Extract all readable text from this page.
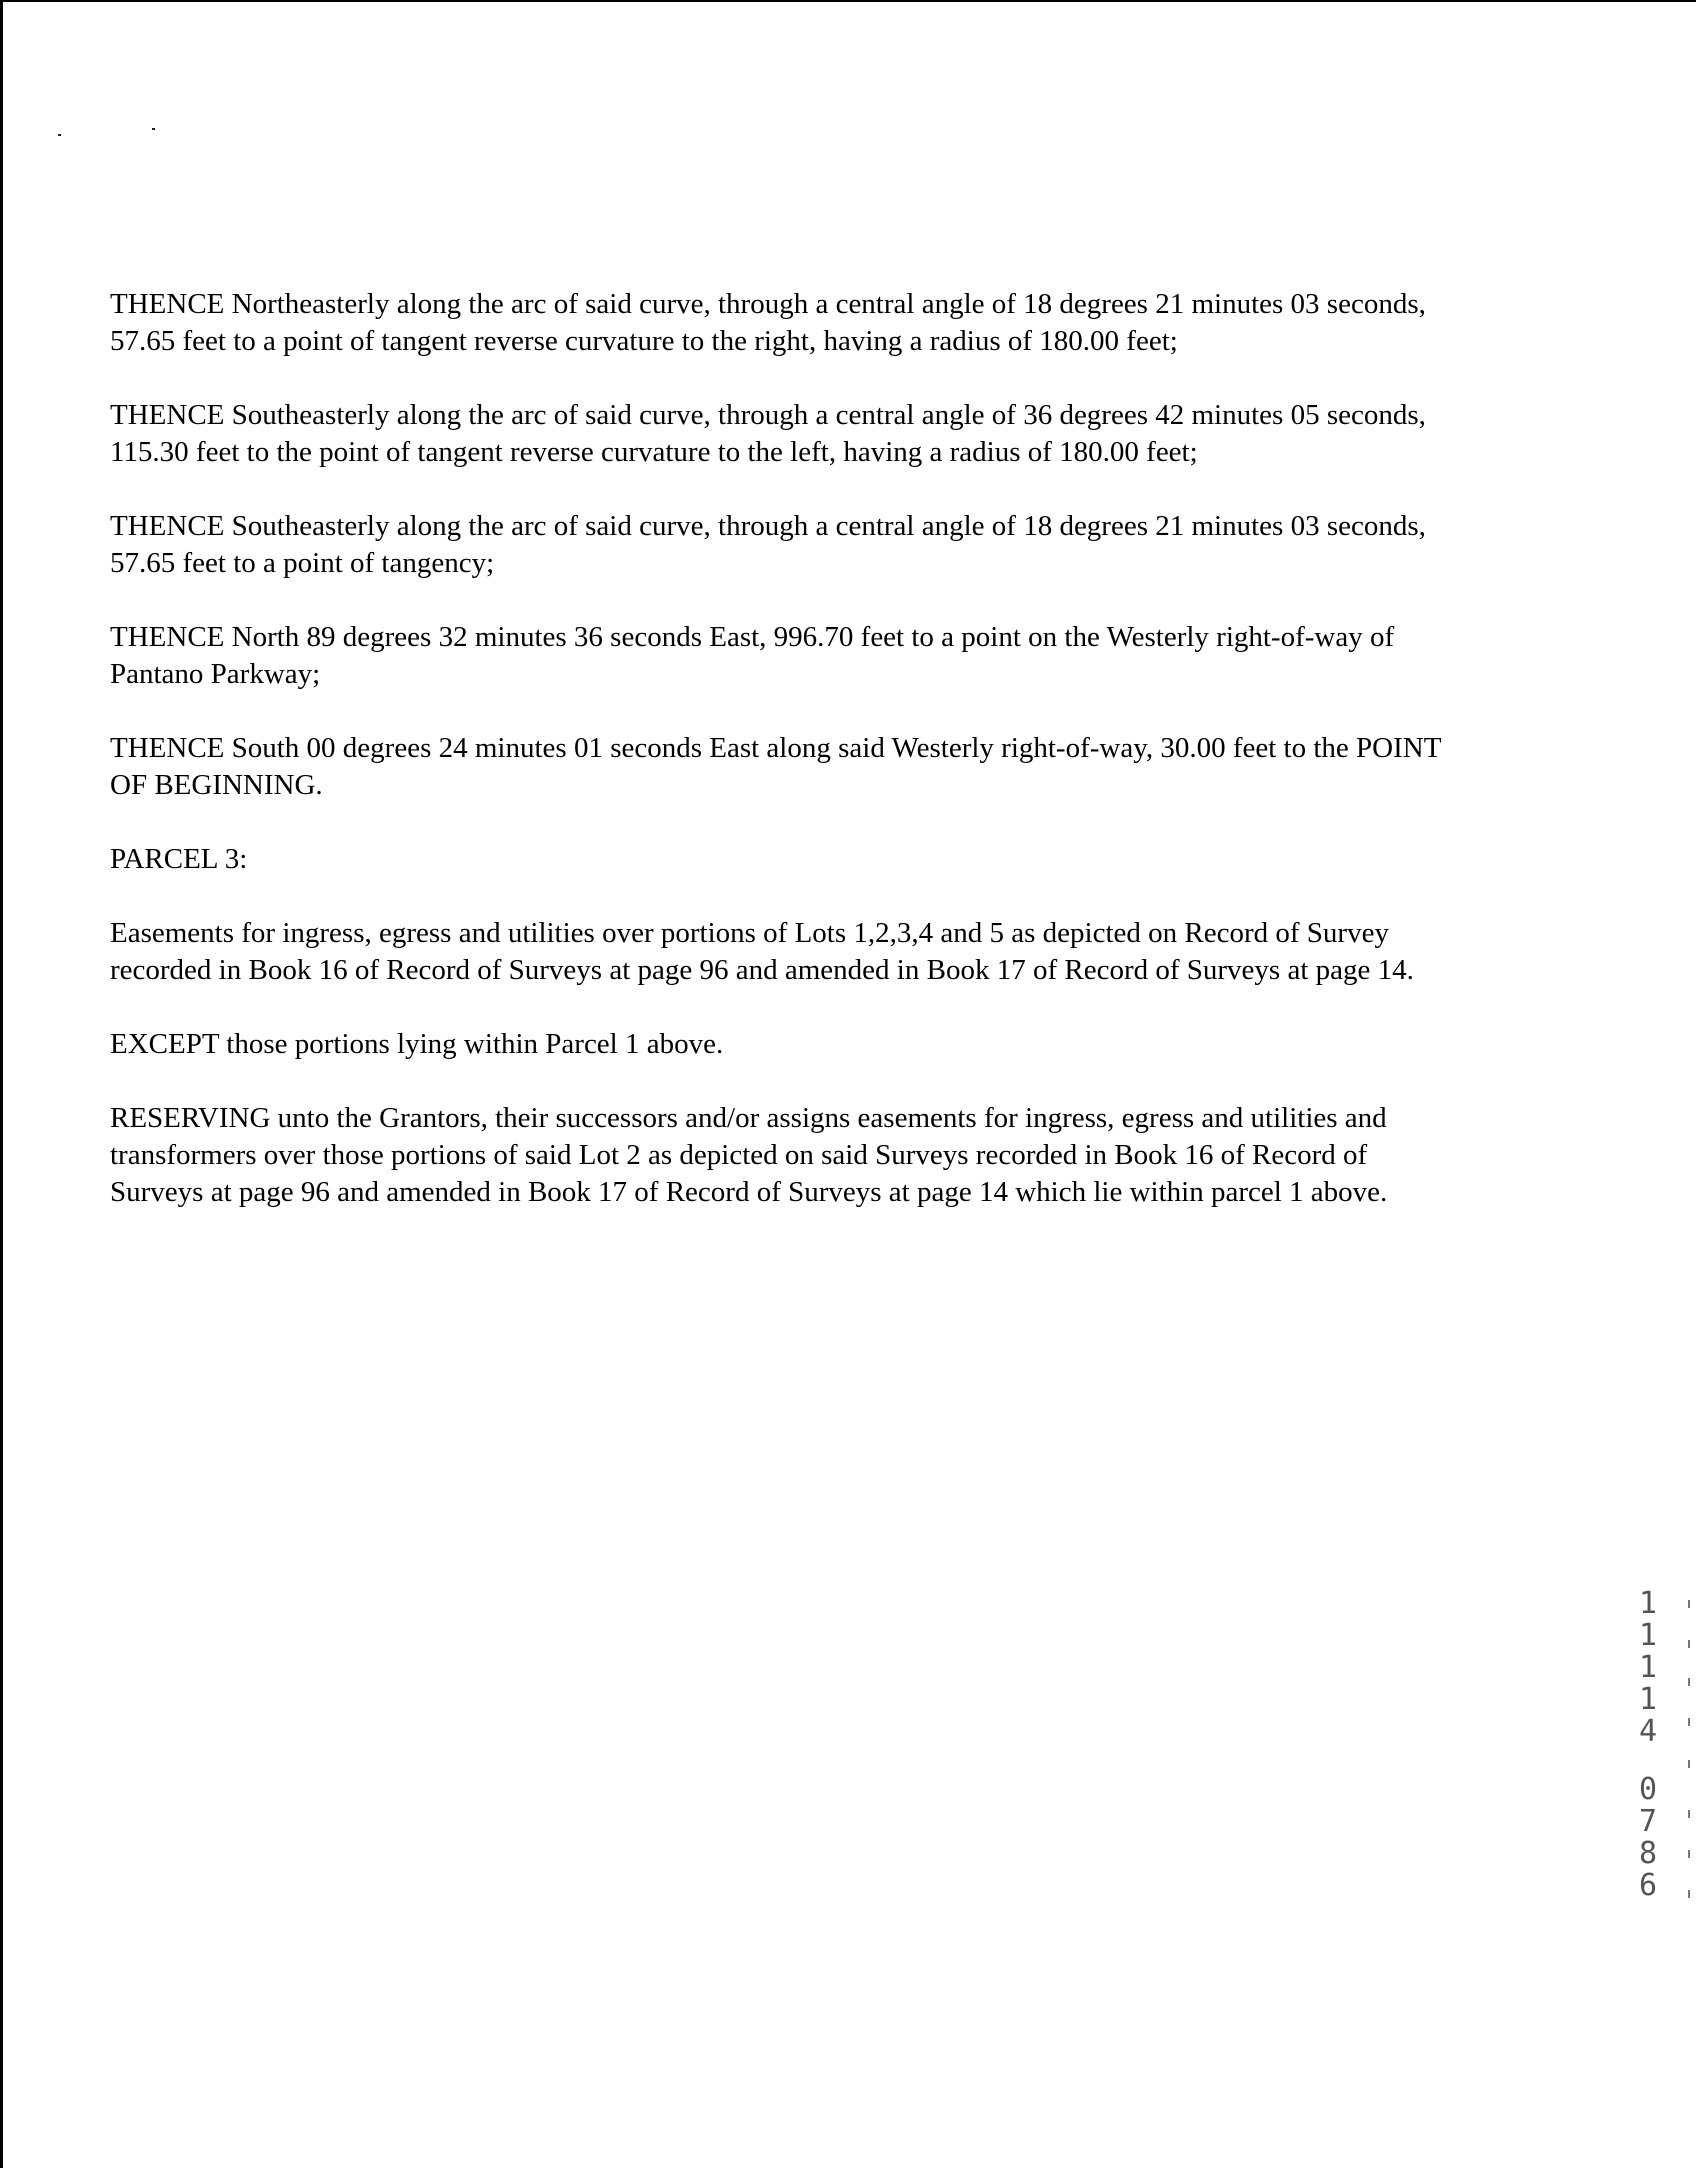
THENCE Northeasterly along the arc of said curve, through a central angle of 18 degrees 21 minutes 03 seconds,
57.65 feet to a point of tangent reverse curvature to the right, having a radius of 180.00 feet;

THENCE Southeasterly along the arc of said curve, through a central angle of 36 degrees 42 minutes 05 seconds,
115.30 feet to the point of tangent reverse curvature to the left, having a radius of 180.00 feet;

THENCE Southeasterly along the arc of said curve, through a central angle of 18 degrees 21 minutes 03 seconds,
57.65 feet to a point of tangency;

THENCE North 89 degrees 32 minutes 36 seconds East, 996.70 feet to a point on the Westerly right-of-way of
Pantano Parkway;

THENCE South 00 degrees 24 minutes 01 seconds East along said Westerly right-of-way, 30.00 feet to the POINT
OF BEGINNING.

PARCEL 3:

Easements for ingress, egress and utilities over portions of Lots 1,2,3,4 and 5 as depicted on Record of Survey
recorded in Book 16 of Record of Surveys at page 96 and amended in Book 17 of Record of Surveys at page 14.

EXCEPT those portions lying within Parcel 1 above.

RESERVING unto the Grantors, their successors and/or assigns easements for ingress, egress and utilities and
transformers over those portions of said Lot 2 as depicted on said Surveys recorded in Book 16 of Record of
Surveys at page 96 and amended in Book 17 of Record of Surveys at page 14 which lie within parcel 1 above.

1
1
1
1
4
0
7
8
6
